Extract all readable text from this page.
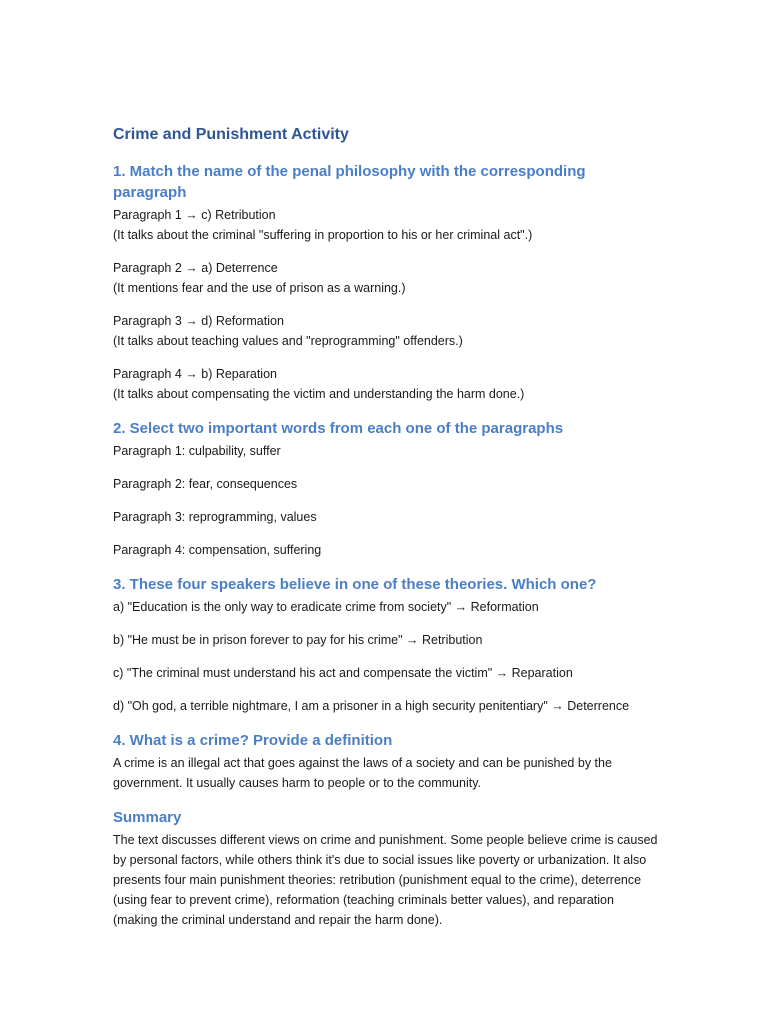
Crime and Punishment Activity
1. Match the name of the penal philosophy with the corresponding paragraph

Paragraph 1 → c) Retribution

(It talks about the criminal "suffering in proportion to his or her criminal act".)

Paragraph 2 → a) Deterrence

(It mentions fear and the use of prison as a warning.)

Paragraph 3 → d) Reformation

(It talks about teaching values and "reprogramming" offenders.)

Paragraph 4 → b) Reparation

(It talks about compensating the victim and understanding the harm done.)

2. Select two important words from each one of the paragraphs
Paragraph 1: culpability, suffer
Paragraph 2: fear, consequences
Paragraph 3: reprogramming, values
Paragraph 4: compensation, suffering
3. These four speakers believe in one of these theories. Which one?
a) "Education is the only way to eradicate crime from society" → Reformation
b) "He must be in prison forever to pay for his crime" → Retribution
c) "The criminal must understand his act and compensate the victim" → Reparation
d) "Oh god, a terrible nightmare, I am a prisoner in a high security penitentiary" → Deterrence
4. What is a crime? Provide a definition

A crime is an illegal act that goes against the laws of a society and can be punished by the government. It usually causes harm to people or to the community.

Summary

The text discusses different views on crime and punishment. Some people believe crime is caused by personal factors, while others think it's due to social issues like poverty or urbanization. It also presents four main punishment theories: retribution (punishment equal to the crime), deterrence (using fear to prevent crime), reformation (teaching criminals better values), and reparation (making the criminal understand and repair the harm done).
